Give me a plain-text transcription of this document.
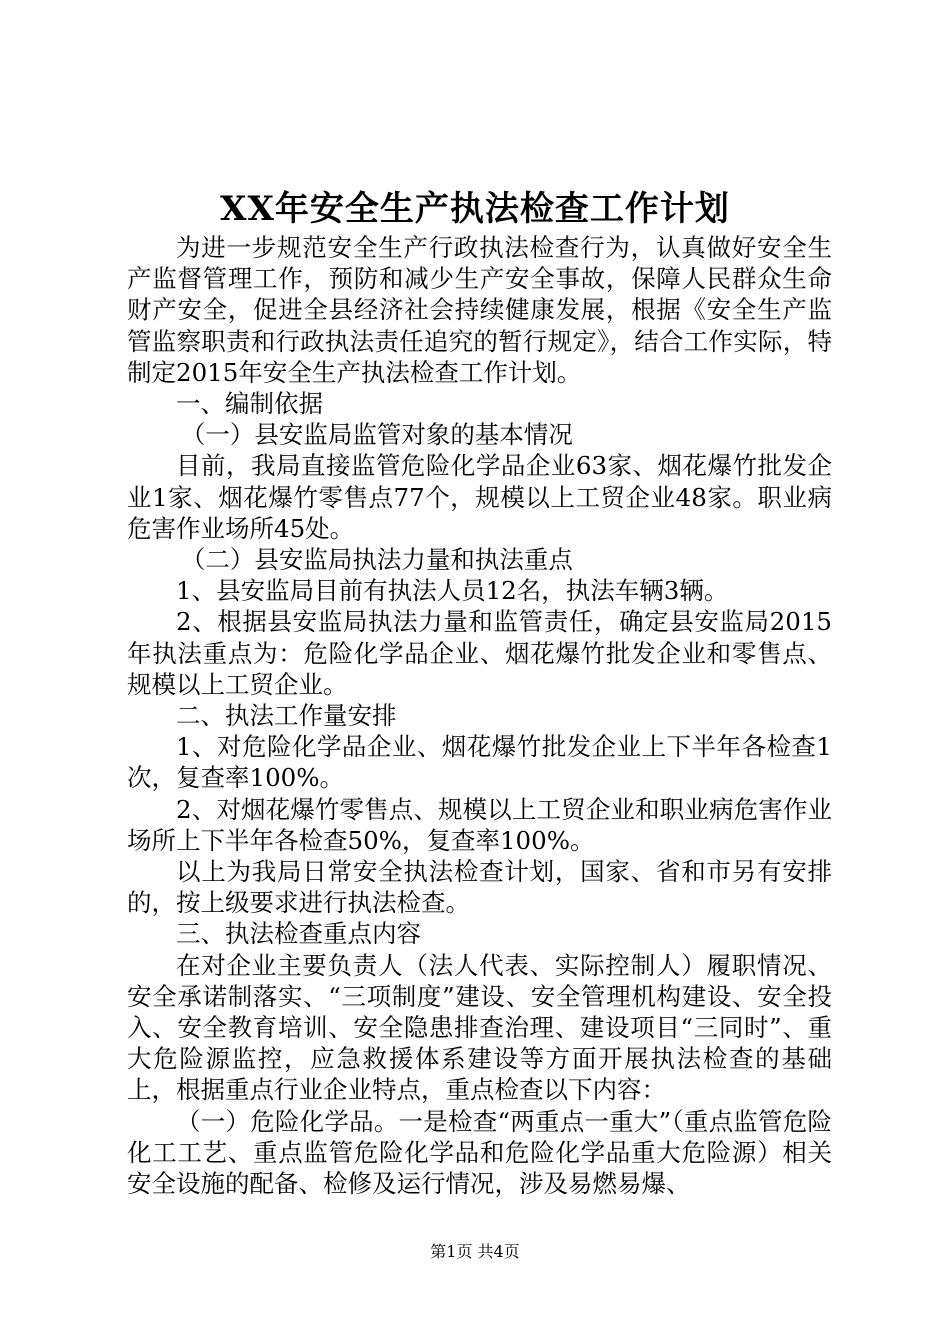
XX年安全生产执法检查工作计划

为进一步规范安全生产行政执法检查行为，认真做好安全生产监督管理工作，预防和减少生产安全事故，保障人民群众生命财产安全，促进全县经济社会持续健康发展，根据《安全生产监管监察职责和行政执法责任追究的暂行规定》，结合工作实际，特制定2015年安全生产执法检查工作计划。

一、编制依据

（一）县安监局监管对象的基本情况

目前，我局直接监管危险化学品企业63家、烟花爆竹批发企业1家、烟花爆竹零售点77个，规模以上工贸企业48家。职业病危害作业场所45处。

（二）县安监局执法力量和执法重点

1、县安监局目前有执法人员12名，执法车辆3辆。

2、根据县安监局执法力量和监管责任，确定县安监局2015年执法重点为：危险化学品企业、烟花爆竹批发企业和零售点、规模以上工贸企业。

二、执法工作量安排

1、对危险化学品企业、烟花爆竹批发企业上下半年各检查1次，复查率100%。

2、对烟花爆竹零售点、规模以上工贸企业和职业病危害作业场所上下半年各检查50%，复查率100%。

以上为我局日常安全执法检查计划，国家、省和市另有安排的，按上级要求进行执法检查。

三、执法检查重点内容

在对企业主要负责人（法人代表、实际控制人）履职情况、安全承诺制落实、“三项制度”建设、安全管理机构建设、安全投入、安全教育培训、安全隐患排查治理、建设项目“三同时”、重大危险源监控，应急救援体系建设等方面开展执法检查的基础上，根据重点行业企业特点，重点检查以下内容：

（一）危险化学品。一是检查“两重点一重大”（重点监管危险化工工艺、重点监管危险化学品和危险化学品重大危险源）相关安全设施的配备、检修及运行情况，涉及易燃易爆、

第1页 共4页
